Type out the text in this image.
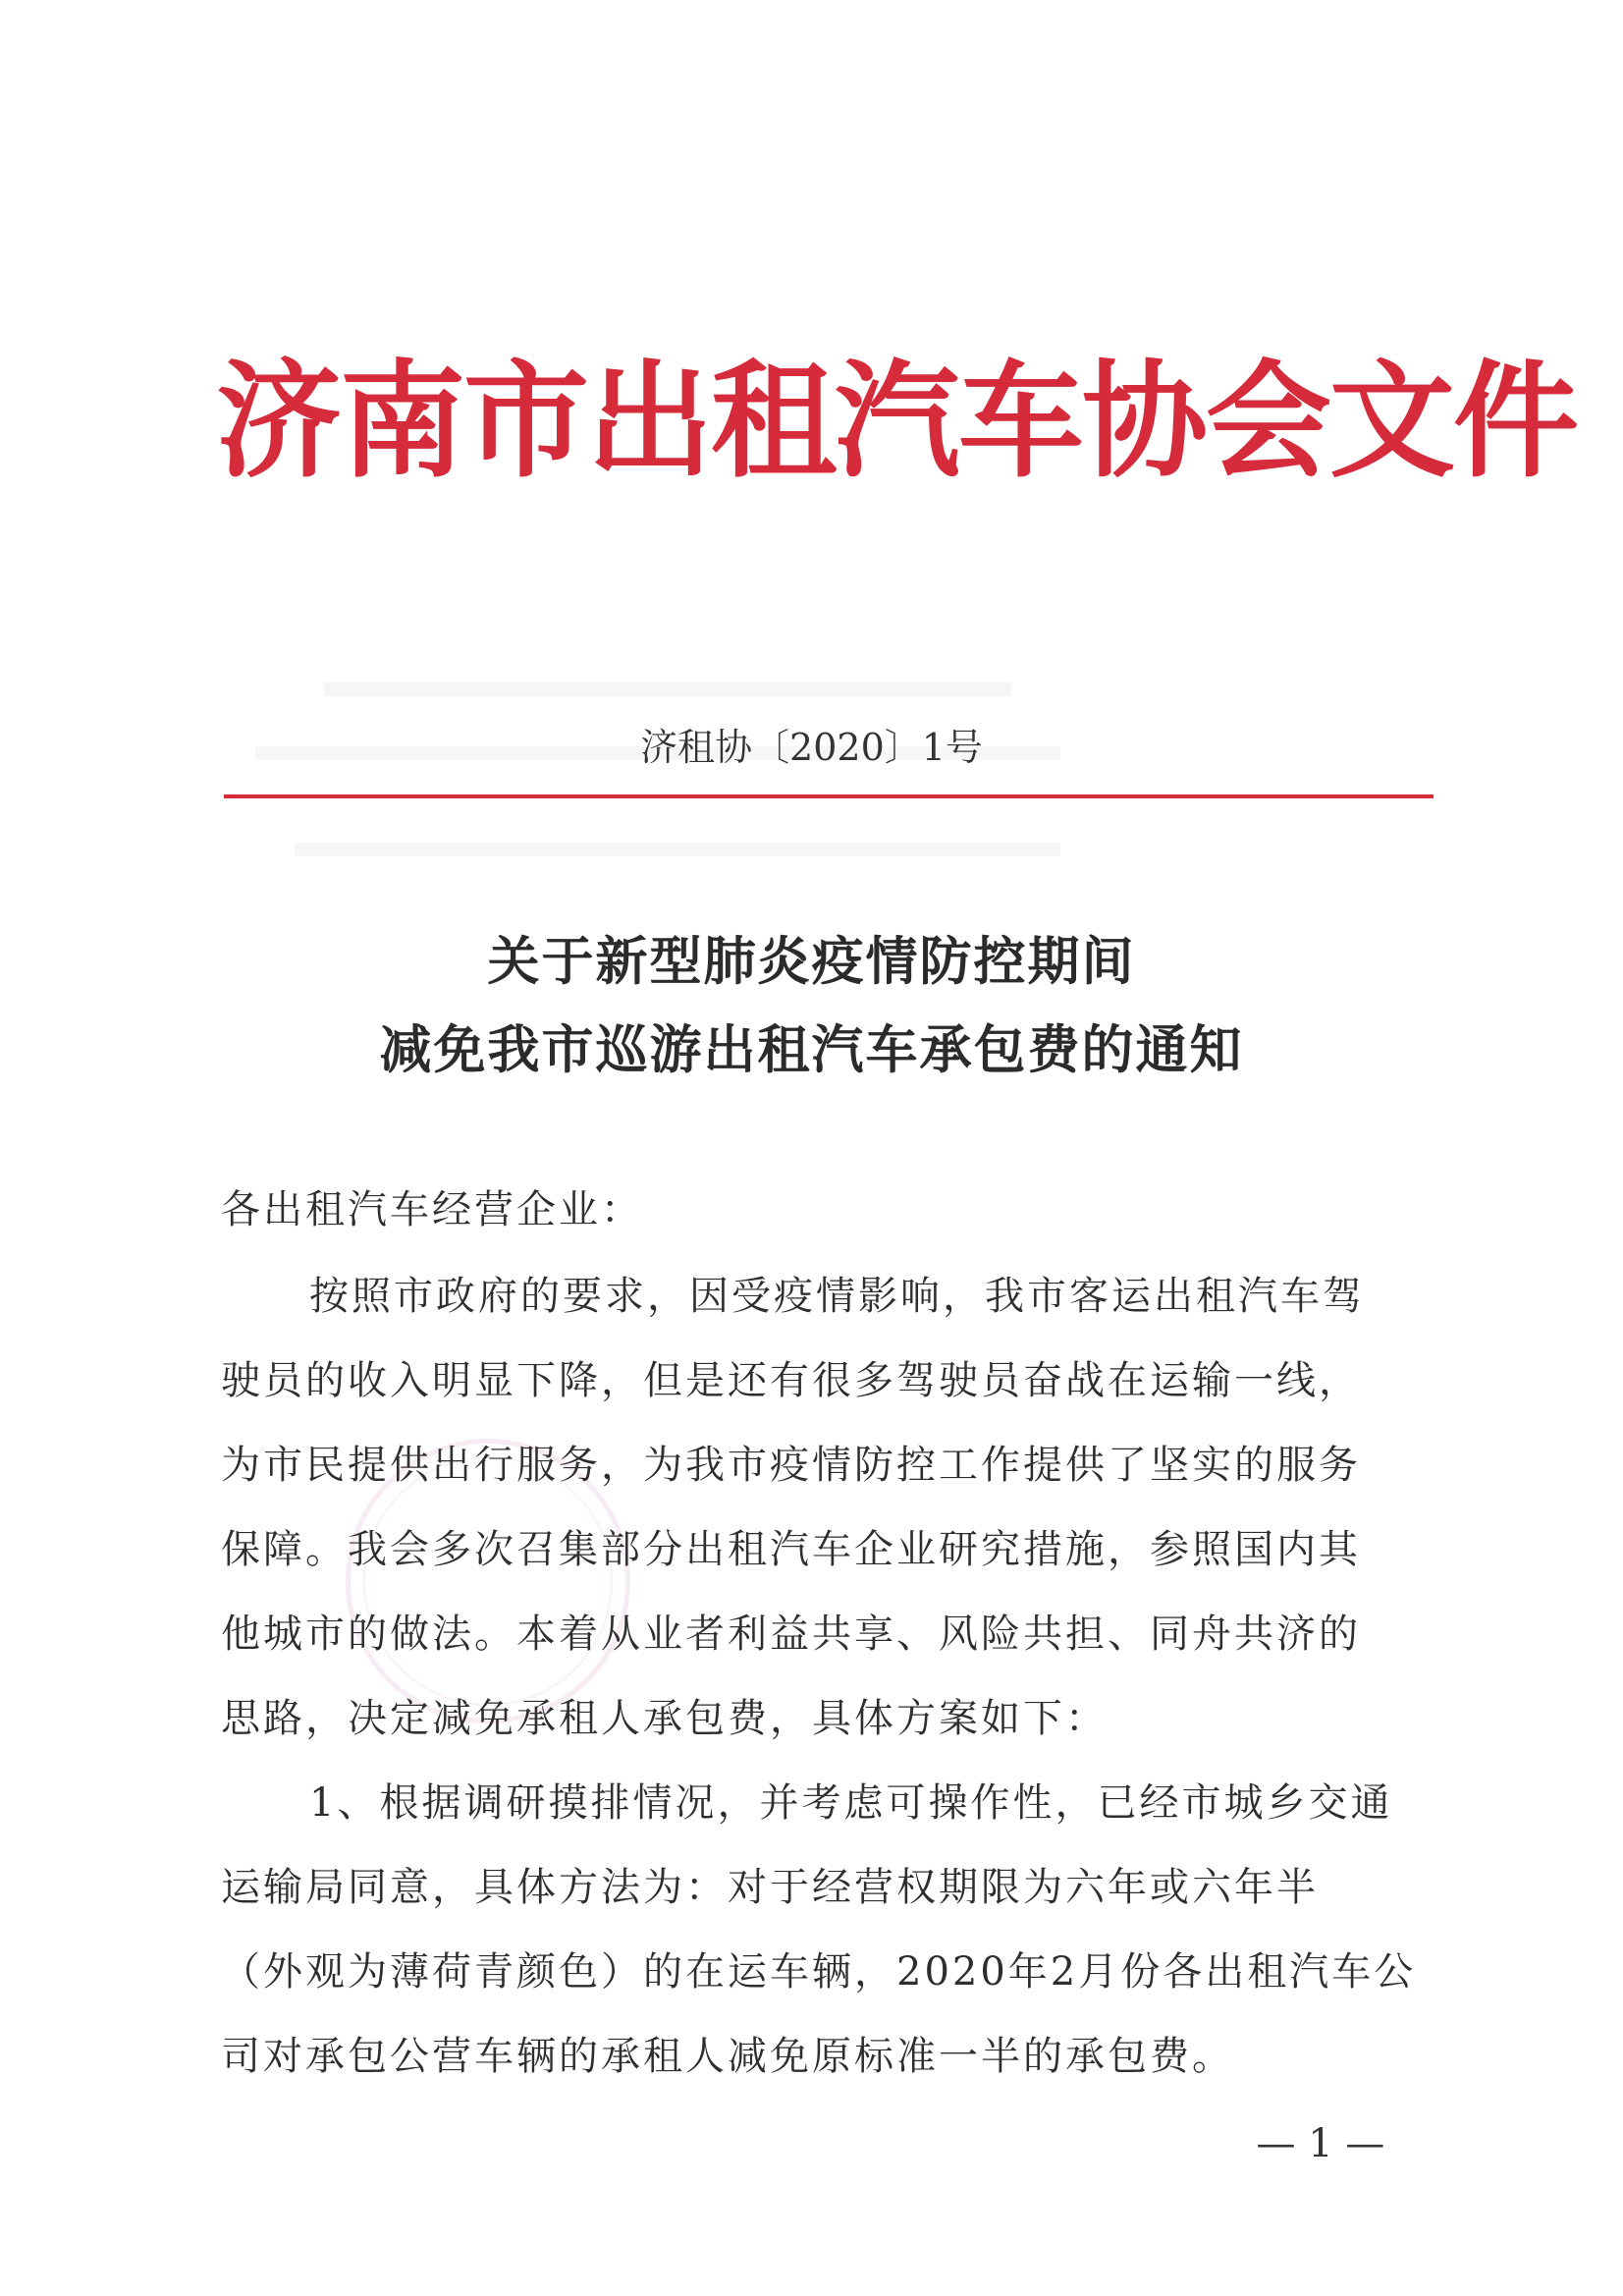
济南市出租汽车协会文件
济租协〔2020〕1号
关于新型肺炎疫情防控期间
减免我市巡游出租汽车承包费的通知
各出租汽车经营企业：
按照市政府的要求，因受疫情影响，我市客运出租汽车驾
驶员的收入明显下降，但是还有很多驾驶员奋战在运输一线，
为市民提供出行服务，为我市疫情防控工作提供了坚实的服务
保障。我会多次召集部分出租汽车企业研究措施，参照国内其
他城市的做法。本着从业者利益共享、风险共担、同舟共济的
思路，决定减免承租人承包费，具体方案如下：
1、根据调研摸排情况，并考虑可操作性，已经市城乡交通
运输局同意，具体方法为：对于经营权期限为六年或六年半
（外观为薄荷青颜色）的在运车辆，2020年2月份各出租汽车公
司对承包公营车辆的承租人减免原标准一半的承包费。
— 1 —
